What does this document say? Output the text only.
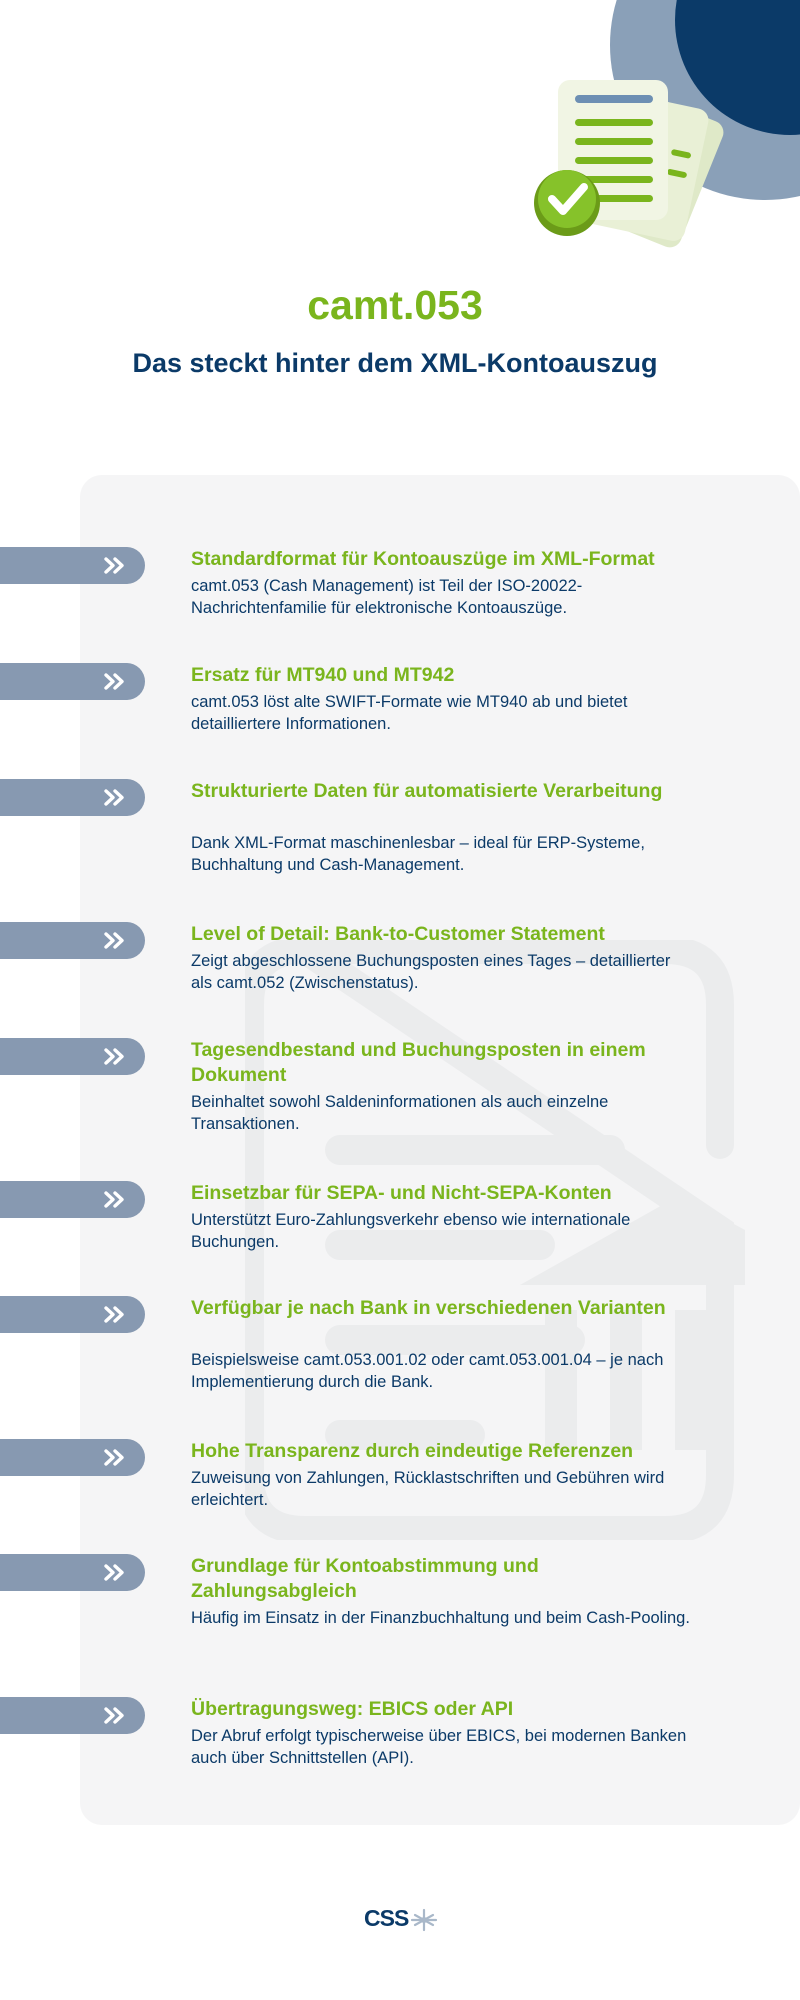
camt.053
Das steckt hinter dem XML-Kontoauszug
Standardformat für Kontoauszüge im XML-Format
camt.053 (Cash Management) ist Teil der ISO-20022-Nachrichtenfamilie für elektronische Kontoauszüge.
Ersatz für MT940 und MT942
camt.053 löst alte SWIFT-Formate wie MT940 ab und bietet detailliertere Informationen.
Strukturierte Daten für automatisierte Verarbeitung
Dank XML-Format maschinenlesbar – ideal für ERP-Systeme, Buchhaltung und Cash-Management.
Level of Detail: Bank-to-Customer Statement
Zeigt abgeschlossene Buchungsposten eines Tages – detaillierter als camt.052 (Zwischenstatus).
Tagesendbestand und Buchungsposten in einem Dokument
Beinhaltet sowohl Saldeninformationen als auch einzelne Transaktionen.
Einsetzbar für SEPA- und Nicht-SEPA-Konten
Unterstützt Euro-Zahlungsverkehr ebenso wie internationale Buchungen.
Verfügbar je nach Bank in verschiedenen Varianten
Beispielsweise camt.053.001.02 oder camt.053.001.04 – je nach Implementierung durch die Bank.
Hohe Transparenz durch eindeutige Referenzen
Zuweisung von Zahlungen, Rücklastschriften und Gebühren wird erleichtert.
Grundlage für Kontoabstimmung und Zahlungsabgleich
Häufig im Einsatz in der Finanzbuchhaltung und beim Cash-Pooling.
Übertragungsweg: EBICS oder API
Der Abruf erfolgt typischerweise über EBICS, bei modernen Banken auch über Schnittstellen (API).
CSS
